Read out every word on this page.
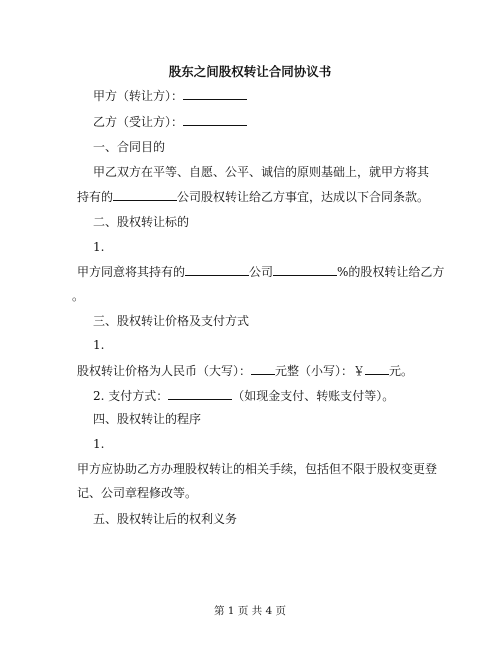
股东之间股权转让合同协议书
甲方（转让方）：
乙方（受让方）：
一、合同目的
甲乙双方在平等、自愿、公平、诚信的原则基础上，就甲方将其
持有的	公司股权转让给乙方事宜，达成以下合同条款。
二、股权转让标的
1.
甲方同意将其持有的	公司	%的股权转让给乙方
。
三、股权转让价格及支付方式
1.
股权转让价格为人民币（大写）： 元整（小写）：￥ 元。
2. 支付方式：	（如现金支付、转账支付等）。
四、股权转让的程序
1.
甲方应协助乙方办理股权转让的相关手续，包括但不限于股权变更登
记、公司章程修改等。
五、股权转让后的权利义务
第 1 页 共 4 页
